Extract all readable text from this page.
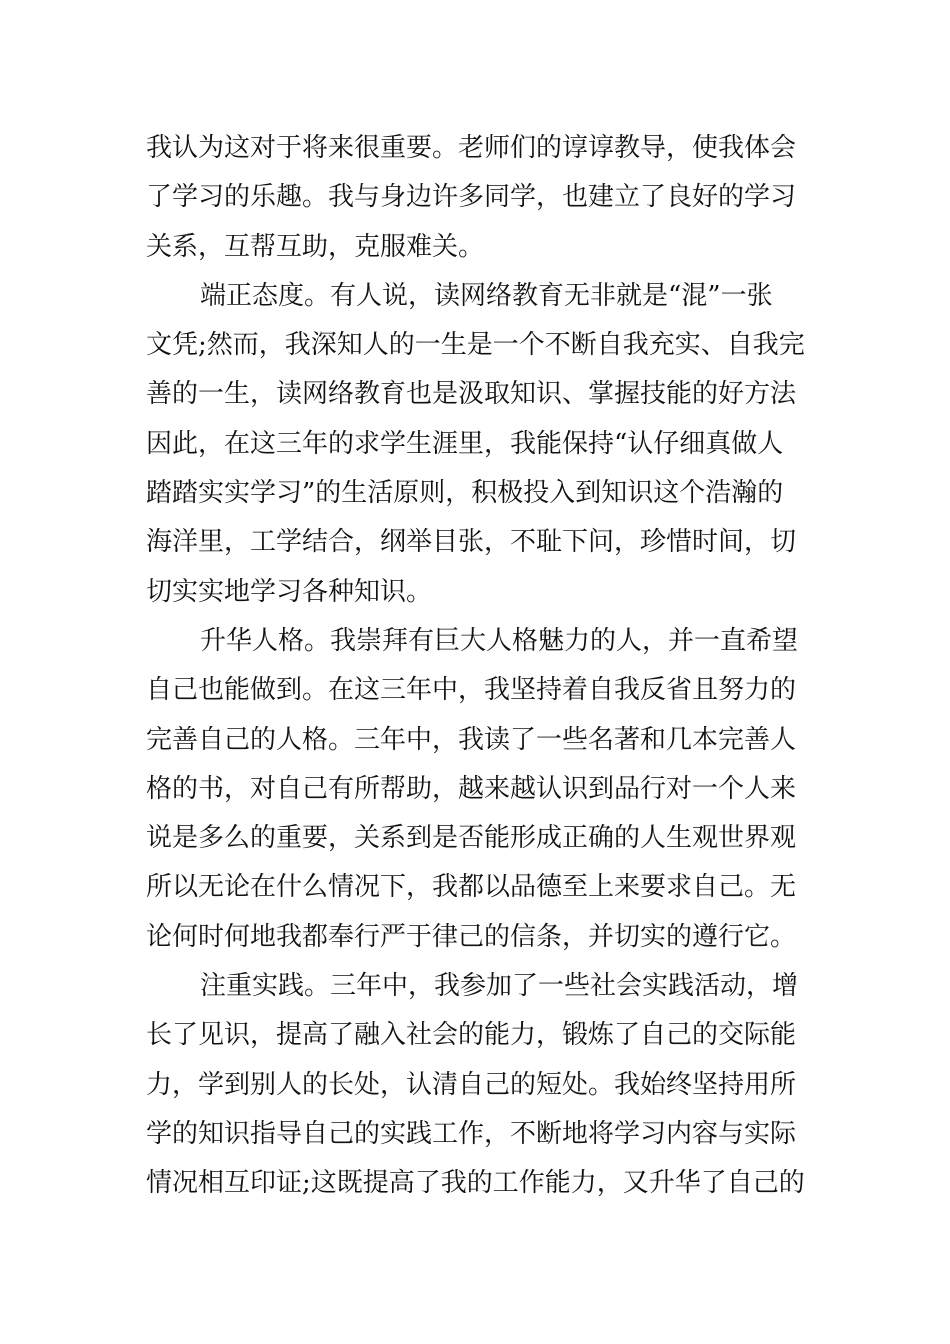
我认为这对于将来很重要。老师们的谆谆教导，使我体会
了学习的乐趣。我与身边许多同学，也建立了良好的学习
关系，互帮互助，克服难关。

端正态度。有人说，读网络教育无非就是“混”一张
文凭;然而，我深知人的一生是一个不断自我充实、自我完
善的一生，读网络教育也是汲取知识、掌握技能的好方法
因此，在这三年的求学生涯里，我能保持“认仔细真做人
踏踏实实学习”的生活原则，积极投入到知识这个浩瀚的
海洋里，工学结合，纲举目张，不耻下问，珍惜时间，切
切实实地学习各种知识。

升华人格。我崇拜有巨大人格魅力的人，并一直希望
自己也能做到。在这三年中，我坚持着自我反省且努力的
完善自己的人格。三年中，我读了一些名著和几本完善人
格的书，对自己有所帮助，越来越认识到品行对一个人来
说是多么的重要，关系到是否能形成正确的人生观世界观
所以无论在什么情况下，我都以品德至上来要求自己。无
论何时何地我都奉行严于律己的信条，并切实的遵行它。

注重实践。三年中，我参加了一些社会实践活动，增
长了见识，提高了融入社会的能力，锻炼了自己的交际能
力，学到别人的长处，认清自己的短处。我始终坚持用所
学的知识指导自己的实践工作，不断地将学习内容与实际
情况相互印证;这既提高了我的工作能力，又升华了自己的
